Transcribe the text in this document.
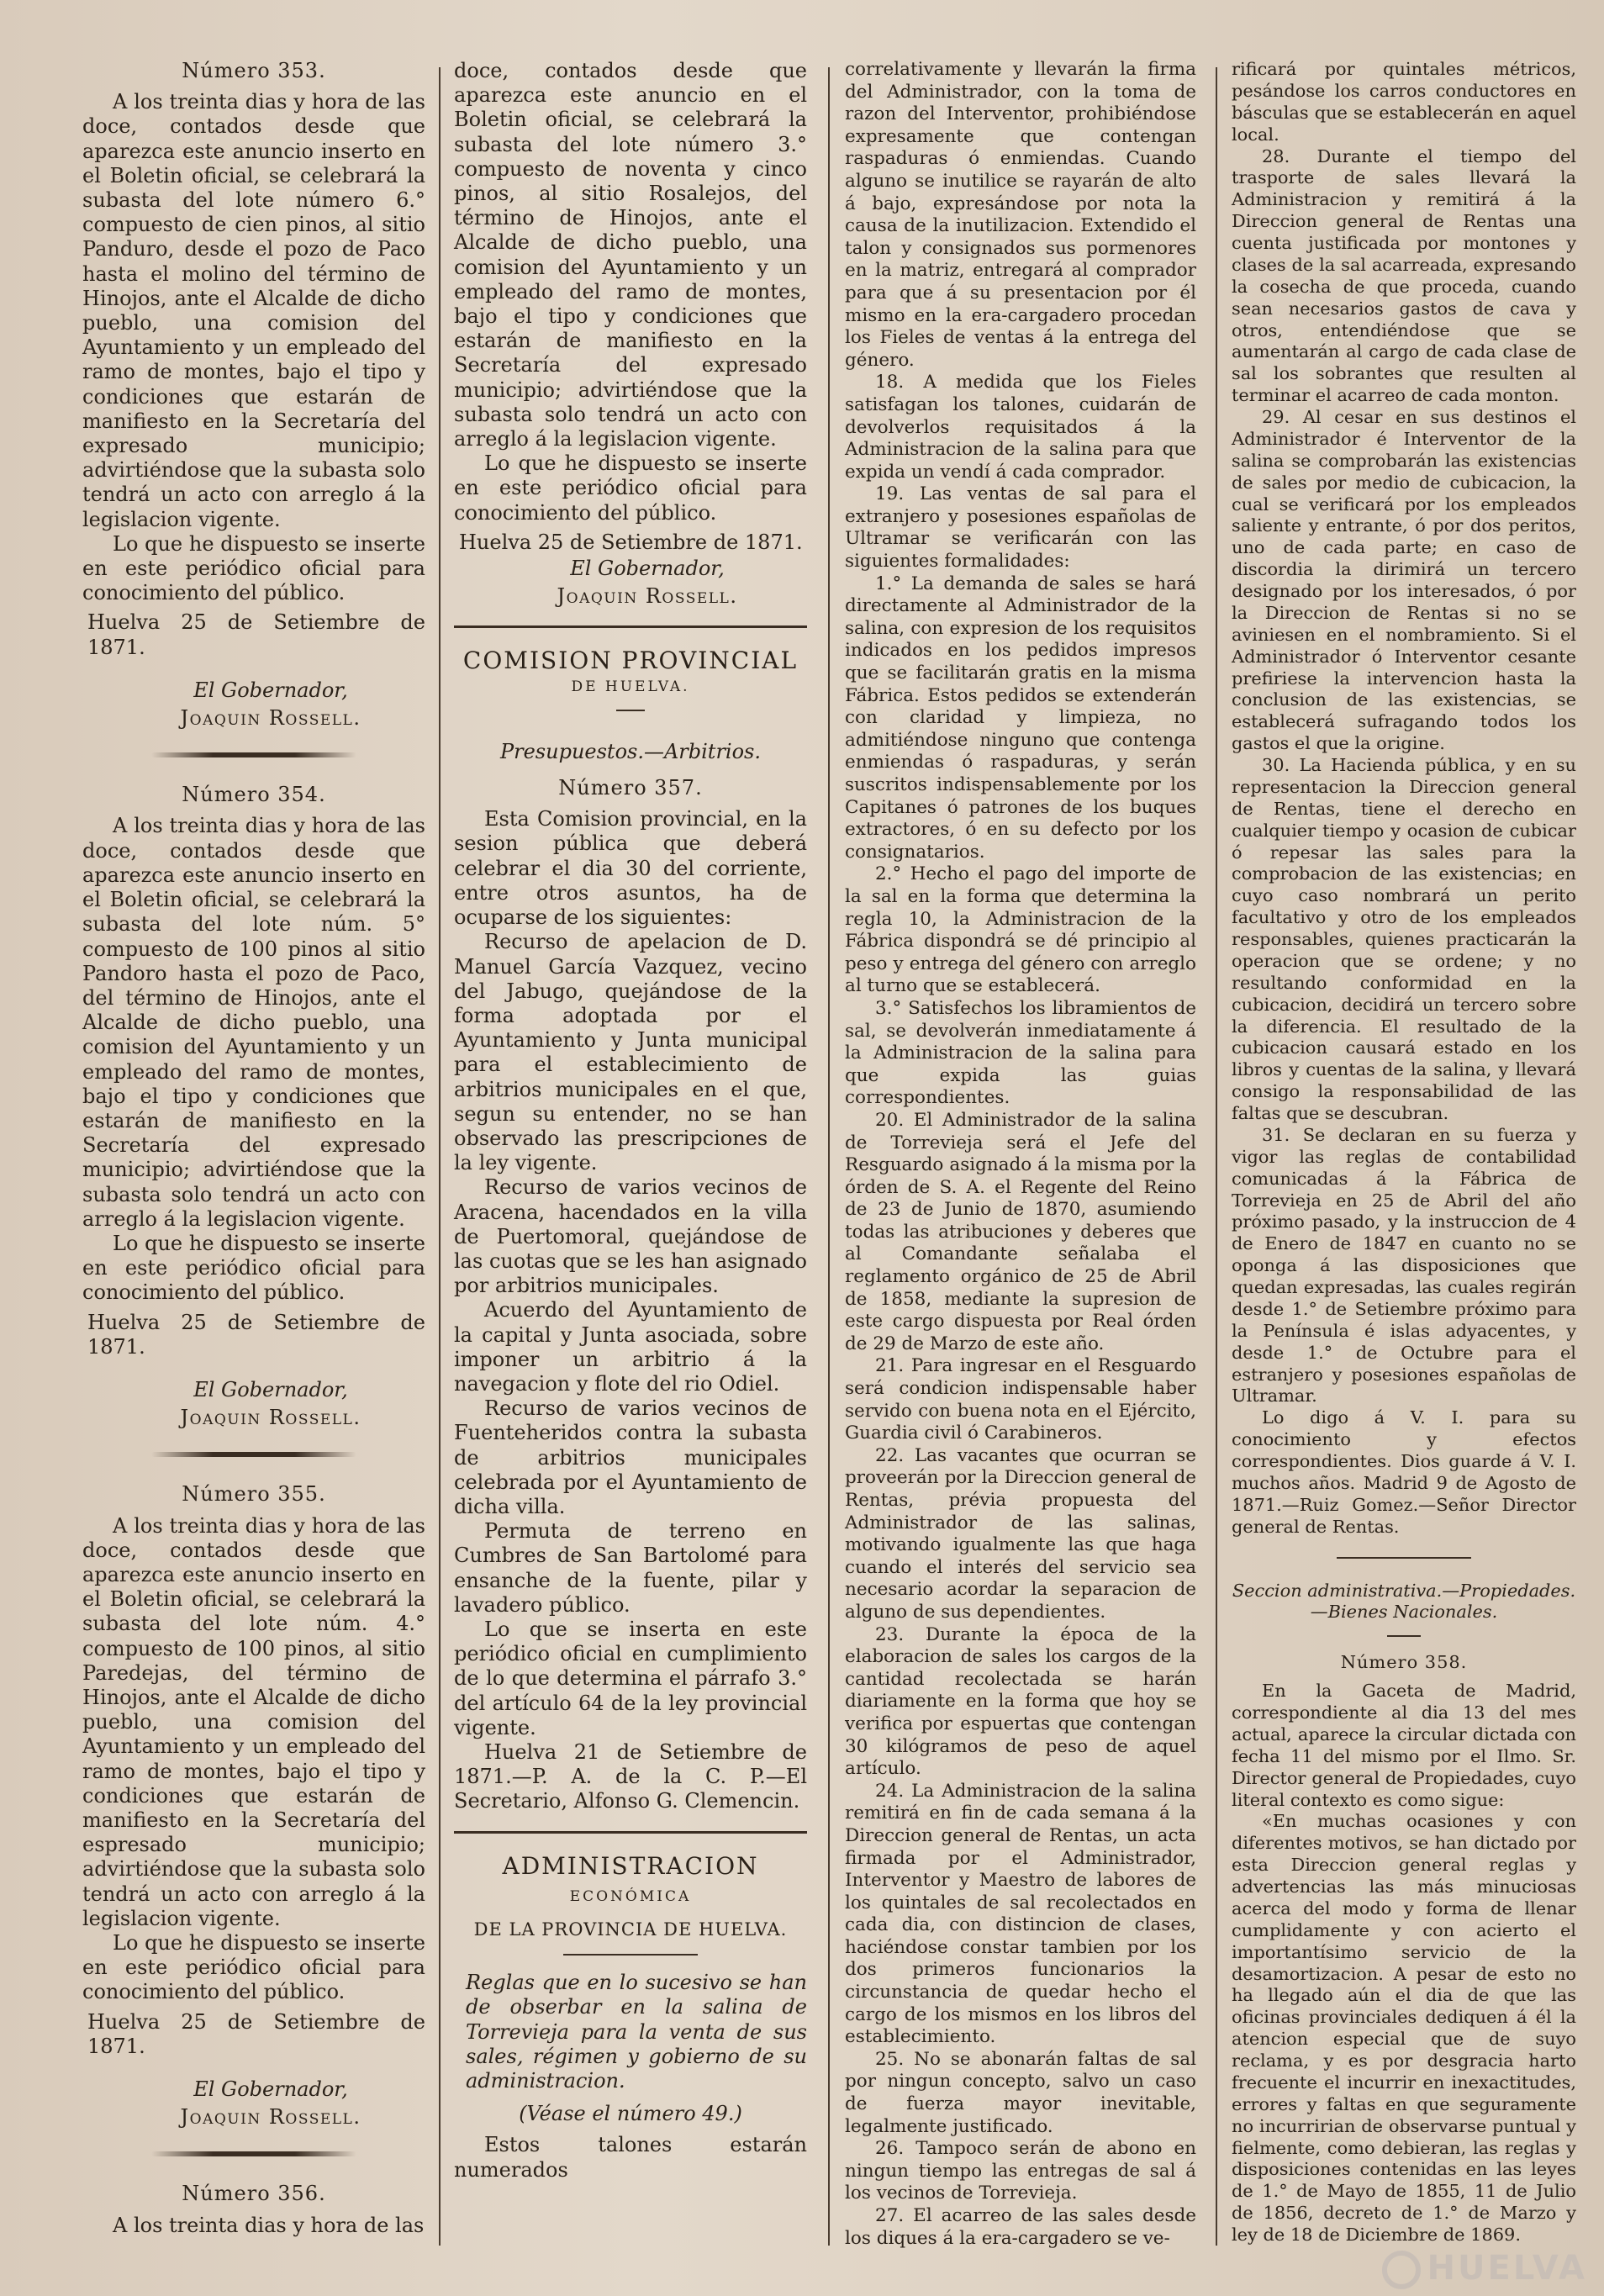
Número 353.

A los treinta dias y hora de las doce, contados desde que aparezca este anuncio inserto en el Boletin oficial, se celebrará la subasta del lote número 6.° compuesto de cien pinos, al sitio Panduro, desde el pozo de Paco hasta el molino del término de Hinojos, ante el Alcalde de dicho pueblo, una comision del Ayuntamiento y un empleado del ramo de montes, bajo el tipo y condiciones que estarán de manifiesto en la Secretaría del expresado municipio; advirtiéndose que la subasta solo tendrá un acto con arreglo á la legislacion vigente.

Lo que he dispuesto se inserte en este periódico oficial para conocimiento del público.

Huelva 25 de Setiembre de 1871.

El Gobernador,

Joaquin Rossell.

Número 354.

A los treinta dias y hora de las doce, contados desde que aparezca este anuncio inserto en el Boletin oficial, se celebrará la subasta del lote núm. 5° compuesto de 100 pinos al sitio Pandoro hasta el pozo de Paco, del término de Hinojos, ante el Alcalde de dicho pueblo, una comision del Ayuntamiento y un empleado del ramo de montes, bajo el tipo y condiciones que estarán de manifiesto en la Secretaría del expresado municipio; advirtiéndose que la subasta solo tendrá un acto con arreglo á la legislacion vigente.

Lo que he dispuesto se inserte en este periódico oficial para conocimiento del público.

Huelva 25 de Setiembre de 1871.

El Gobernador,

Joaquin Rossell.

Número 355.

A los treinta dias y hora de las doce, contados desde que aparezca este anuncio inserto en el Boletin oficial, se celebrará la subasta del lote núm. 4.° compuesto de 100 pinos, al sitio Paredejas, del término de Hinojos, ante el Alcalde de dicho pueblo, una comision del Ayuntamiento y un empleado del ramo de montes, bajo el tipo y condiciones que estarán de manifiesto en la Secretaría del espresado municipio; advirtiéndose que la subasta solo tendrá un acto con arreglo á la legislacion vigente.

Lo que he dispuesto se inserte en este periódico oficial para conocimiento del público.

Huelva 25 de Setiembre de 1871.

El Gobernador,

Joaquin Rossell.

Número 356.

A los treinta dias y hora de las

doce, contados desde que aparezca este anuncio en el Boletin oficial, se celebrará la subasta del lote número 3.° compuesto de noventa y cinco pinos, al sitio Rosalejos, del término de Hinojos, ante el Alcalde de dicho pueblo, una comision del Ayuntamiento y un empleado del ramo de montes, bajo el tipo y condiciones que estarán de manifiesto en la Secretaría del expresado municipio; advirtiéndose que la subasta solo tendrá un acto con arreglo á la legislacion vigente.

Lo que he dispuesto se inserte en este periódico oficial para conocimiento del público.

Huelva 25 de Setiembre de 1871.

El Gobernador,

Joaquin Rossell.

COMISION PROVINCIAL

DE HUELVA.

Presupuestos.—Arbitrios.

Número 357.

Esta Comision provincial, en la sesion pública que deberá celebrar el dia 30 del corriente, entre otros asuntos, ha de ocuparse de los siguientes:

Recurso de apelacion de D. Manuel García Vazquez, vecino del Jabugo, quejándose de la forma adoptada por el Ayuntamiento y Junta municipal para el establecimiento de arbitrios municipales en el que, segun su entender, no se han observado las prescripciones de la ley vigente.

Recurso de varios vecinos de Aracena, hacendados en la villa de Puertomoral, quejándose de las cuotas que se les han asignado por arbitrios municipales.

Acuerdo del Ayuntamiento de la capital y Junta asociada, sobre imponer un arbitrio á la navegacion y flote del rio Odiel.

Recurso de varios vecinos de Fuenteheridos contra la subasta de arbitrios municipales celebrada por el Ayuntamiento de dicha villa.

Permuta de terreno en Cumbres de San Bartolomé para ensanche de la fuente, pilar y lavadero público.

Lo que se inserta en este periódico oficial en cumplimiento de lo que determina el párrafo 3.° del artículo 64 de la ley provincial vigente.

Huelva 21 de Setiembre de 1871.—P. A. de la C. P.—El Secretario, Alfonso G. Clemencin.

ADMINISTRACION

ECONÓMICA

DE LA PROVINCIA DE HUELVA.

Reglas que en lo sucesivo se han de obserbar en la salina de Torrevieja para la venta de sus sales, régimen y gobierno de su administracion.

(Véase el número 49.)

Estos talones estarán numerados

correlativamente y llevarán la firma del Administrador, con la toma de razon del Interventor, prohibiéndose expresamente que contengan raspaduras ó enmiendas. Cuando alguno se inutilice se rayarán de alto á bajo, expresándose por nota la causa de la inutilizacion. Extendido el talon y consignados sus pormenores en la matriz, entregará al comprador para que á su presentacion por él mismo en la era-cargadero procedan los Fieles de ventas á la entrega del género.

18. A medida que los Fieles satisfagan los talones, cuidarán de devolverlos requisitados á la Administracion de la salina para que expida un vendí á cada comprador.

19. Las ventas de sal para el extranjero y posesiones españolas de Ultramar se verificarán con las siguientes formalidades:

1.° La demanda de sales se hará directamente al Administrador de la salina, con expresion de los requisitos indicados en los pedidos impresos que se facilitarán gratis en la misma Fábrica. Estos pedidos se extenderán con claridad y limpieza, no admitiéndose ninguno que contenga enmiendas ó raspaduras, y serán suscritos indispensablemente por los Capitanes ó patrones de los buques extractores, ó en su defecto por los consignatarios.

2.° Hecho el pago del importe de la sal en la forma que determina la regla 10, la Administracion de la Fábrica dispondrá se dé principio al peso y entrega del género con arreglo al turno que se establecerá.

3.° Satisfechos los libramientos de sal, se devolverán inmediatamente á la Administracion de la salina para que expida las guias correspondientes.

20. El Administrador de la salina de Torrevieja será el Jefe del Resguardo asignado á la misma por la órden de S. A. el Regente del Reino de 23 de Junio de 1870, asumiendo todas las atribuciones y deberes que al Comandante señalaba el reglamento orgánico de 25 de Abril de 1858, mediante la supresion de este cargo dispuesta por Real órden de 29 de Marzo de este año.

21. Para ingresar en el Resguardo será condicion indispensable haber servido con buena nota en el Ejército, Guardia civil ó Carabineros.

22. Las vacantes que ocurran se proveerán por la Direccion general de Rentas, prévia propuesta del Administrador de las salinas, motivando igualmente las que haga cuando el interés del servicio sea necesario acordar la separacion de alguno de sus dependientes.

23. Durante la época de la elaboracion de sales los cargos de la cantidad recolectada se harán diariamente en la forma que hoy se verifica por espuertas que contengan 30 kilógramos de peso de aquel artículo.

24. La Administracion de la salina remitirá en fin de cada semana á la Direccion general de Rentas, un acta firmada por el Administrador, Interventor y Maestro de labores de los quintales de sal recolectados en cada dia, con distincion de clases, haciéndose constar tambien por los dos primeros funcionarios la circunstancia de quedar hecho el cargo de los mismos en los libros del establecimiento.

25. No se abonarán faltas de sal por ningun concepto, salvo un caso de fuerza mayor inevitable, legalmente justificado.

26. Tampoco serán de abono en ningun tiempo las entregas de sal á los vecinos de Torrevieja.

27. El acarreo de las sales desde los diques á la era-cargadero se ve-

rificará por quintales métricos, pesándose los carros conductores en básculas que se establecerán en aquel local.

28. Durante el tiempo del trasporte de sales llevará la Administracion y remitirá á la Direccion general de Rentas una cuenta justificada por montones y clases de la sal acarreada, expresando la cosecha de que proceda, cuando sean necesarios gastos de cava y otros, entendiéndose que se aumentarán al cargo de cada clase de sal los sobrantes que resulten al terminar el acarreo de cada monton.

29. Al cesar en sus destinos el Administrador é Interventor de la salina se comprobarán las existencias de sales por medio de cubicacion, la cual se verificará por los empleados saliente y entrante, ó por dos peritos, uno de cada parte; en caso de discordia la dirimirá un tercero designado por los interesados, ó por la Direccion de Rentas si no se aviniesen en el nombramiento. Si el Administrador ó Interventor cesante prefiriese la intervencion hasta la conclusion de las existencias, se establecerá sufragando todos los gastos el que la origine.

30. La Hacienda pública, y en su representacion la Direccion general de Rentas, tiene el derecho en cualquier tiempo y ocasion de cubicar ó repesar las sales para la comprobacion de las existencias; en cuyo caso nombrará un perito facultativo y otro de los empleados responsables, quienes practicarán la operacion que se ordene; y no resultando conformidad en la cubicacion, decidirá un tercero sobre la diferencia. El resultado de la cubicacion causará estado en los libros y cuentas de la salina, y llevará consigo la responsabilidad de las faltas que se descubran.

31. Se declaran en su fuerza y vigor las reglas de contabilidad comunicadas á la Fábrica de Torrevieja en 25 de Abril del año próximo pasado, y la instruccion de 4 de Enero de 1847 en cuanto no se oponga á las disposiciones que quedan expresadas, las cuales regirán desde 1.° de Setiembre próximo para la Península é islas adyacentes, y desde 1.° de Octubre para el estranjero y posesiones españolas de Ultramar.

Lo digo á V. I. para su conocimiento y efectos correspondientes. Dios guarde á V. I. muchos años. Madrid 9 de Agosto de 1871.—Ruiz Gomez.—Señor Director general de Rentas.

Seccion administrativa.—Propiedades.—Bienes Nacionales.

Número 358.

En la Gaceta de Madrid, correspondiente al dia 13 del mes actual, aparece la circular dictada con fecha 11 del mismo por el Ilmo. Sr. Director general de Propiedades, cuyo literal contexto es como sigue:

«En muchas ocasiones y con diferentes motivos, se han dictado por esta Direccion general reglas y advertencias las más minuciosas acerca del modo y forma de llenar cumplidamente y con acierto el importantísimo servicio de la desamortizacion. A pesar de esto no ha llegado aún el dia de que las oficinas provinciales dediquen á él la atencion especial que de suyo reclama, y es por desgracia harto frecuente el incurrir en inexactitudes, errores y faltas en que seguramente no incurririan de observarse puntual y fielmente, como debieran, las reglas y disposiciones contenidas en las leyes de 1.° de Mayo de 1855, 11 de Julio de 1856, decreto de 1.° de Marzo y ley de 18 de Diciembre de 1869.

HUELVA
